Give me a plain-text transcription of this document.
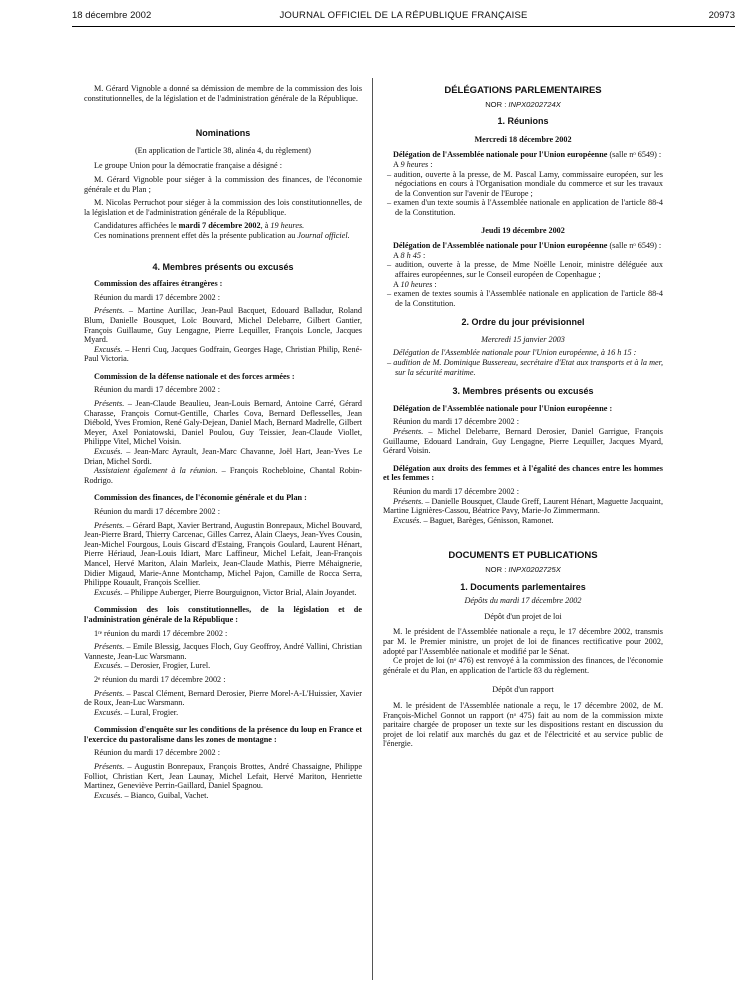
18 décembre 2002	JOURNAL OFFICIEL DE LA RÉPUBLIQUE FRANÇAISE	20973

M. Gérard Vignoble a donné sa démission de membre de la commission des lois constitutionnelles, de la législation et de l'administration générale de la République.

Nominations

(En application de l'article 38, alinéa 4, du règlement)

Le groupe Union pour la démocratie française a désigné :

M. Gérard Vignoble pour siéger à la commission des finances, de l'économie générale et du Plan ;

M. Nicolas Perruchot pour siéger à la commission des lois constitutionnelles, de la législation et de l'administration générale de la République.

Candidatures affichées le mardi 7 décembre 2002, à 19 heures.

Ces nominations prennent effet dès la présente publication au Journal officiel.

4. Membres présents ou excusés

Commission des affaires étrangères :

Réunion du mardi 17 décembre 2002 :

Présents. – Martine Aurillac, Jean-Paul Bacquet, Edouard Balladur, Roland Blum, Danielle Bousquet, Loïc Bouvard, Michel Delebarre, Gilbert Gantier, François Guillaume, Guy Lengagne, Pierre Lequiller, François Loncle, Jacques Myard.

Excusés. – Henri Cuq, Jacques Godfrain, Georges Hage, Christian Philip, René-Paul Victoria.

Commission de la défense nationale et des forces armées :

Réunion du mardi 17 décembre 2002 :

Présents. – Jean-Claude Beaulieu, Jean-Louis Bernard, Antoine Carré, Gérard Charasse, François Cornut-Gentille, Charles Cova, Bernard Deflesselles, Jean Diébold, Yves Fromion, René Galy-Dejean, Daniel Mach, Bernard Madrelle, Gilbert Meyer, Axel Poniatowski, Daniel Poulou, Guy Teissier, Jean-Claude Viollet, Philippe Vitel, Michel Voisin.

Excusés. – Jean-Marc Ayrault, Jean-Marc Chavanne, Joël Hart, Jean-Yves Le Drian, Michel Sordi.

Assistaient également à la réunion. – François Rochebloine, Chantal Robin-Rodrigo.

Commission des finances, de l'économie générale et du Plan :

Réunion du mardi 17 décembre 2002 :

Présents. – Gérard Bapt, Xavier Bertrand, Augustin Bonrepaux, Michel Bouvard, Jean-Pierre Brard, Thierry Carcenac, Gilles Carrez, Alain Claeys, Jean-Yves Cousin, Jean-Michel Fourgous, Louis Giscard d'Estaing, François Goulard, Laurent Hénart, Pierre Hériaud, Jean-Louis Idiart, Marc Laffineur, Michel Lefait, Jean-François Mancel, Hervé Mariton, Alain Marleix, Jean-Claude Mathis, Pierre Méhaignerie, Didier Migaud, Marie-Anne Montchamp, Michel Pajon, Camille de Rocca Serra, Philippe Rouault, François Scellier.

Excusés. – Philippe Auberger, Pierre Bourguignon, Victor Brial, Alain Joyandet.

Commission des lois constitutionnelles, de la législation et de l'administration générale de la République :

1ʳᵉ réunion du mardi 17 décembre 2002 :

Présents. – Emile Blessig, Jacques Floch, Guy Geoffroy, André Vallini, Christian Vanneste, Jean-Luc Warsmann.

Excusés. – Derosier, Frogier, Lurel.

2ᵉ réunion du mardi 17 décembre 2002 :

Présents. – Pascal Clément, Bernard Derosier, Pierre Morel-A-L'Huissier, Xavier de Roux, Jean-Luc Warsmann.

Excusés. – Lural, Frogier.

Commission d'enquête sur les conditions de la présence du loup en France et l'exercice du pastoralisme dans les zones de montagne :

Réunion du mardi 17 décembre 2002 :

Présents. – Augustin Bonrepaux, François Brottes, André Chassaigne, Philippe Folliot, Christian Kert, Jean Launay, Michel Lefait, Hervé Mariton, Henriette Martinez, Geneviève Perrin-Gaillard, Daniel Spagnou.

Excusés. – Bianco, Guibal, Vachet.

DÉLÉGATIONS PARLEMENTAIRES
NOR : INPX0202724X
1. Réunions
Mercredi 18 décembre 2002

Délégation de l'Assemblée nationale pour l'Union européenne (salle nᵒ 6549) :

A 9 heures :

– audition, ouverte à la presse, de M. Pascal Lamy, commissaire européen, sur les négociations en cours à l'Organisation mondiale du commerce et sur les travaux de la Convention sur l'avenir de l'Europe ;

– examen d'un texte soumis à l'Assemblée nationale en application de l'article 88-4 de la Constitution.

Jeudi 19 décembre 2002

Délégation de l'Assemblée nationale pour l'Union européenne (salle nᵒ 6549) :

A 8 h 45 :

– audition, ouverte à la presse, de Mme Noëlle Lenoir, ministre déléguée aux affaires européennes, sur le Conseil européen de Copenhague ;

A 10 heures :

– examen de textes soumis à l'Assemblée nationale en application de l'article 88-4 de la Constitution.

2. Ordre du jour prévisionnel

Mercredi 15 janvier 2003

Délégation de l'Assemblée nationale pour l'Union européenne, à 16 h 15 :

– audition de M. Dominique Bussereau, secrétaire d'Etat aux transports et à la mer, sur la sécurité maritime.

3. Membres présents ou excusés

Délégation de l'Assemblée nationale pour l'Union européenne :

Réunion du mardi 17 décembre 2002 :

Présents. – Michel Delebarre, Bernard Derosier, Daniel Garrigue, François Guillaume, Edouard Landrain, Guy Lengagne, Pierre Lequiller, Jacques Myard, Gérard Voisin.

Délégation aux droits des femmes et à l'égalité des chances entre les hommes et les femmes :

Réunion du mardi 17 décembre 2002 :

Présents. – Danielle Bousquet, Claude Greff, Laurent Hénart, Maguette Jacquaint, Martine Lignières-Cassou, Béatrice Pavy, Marie-Jo Zimmermann.

Excusés. – Baguet, Barèges, Génisson, Ramonet.

DOCUMENTS ET PUBLICATIONS
NOR : INPX0202725X
1. Documents parlementaires

Dépôts du mardi 17 décembre 2002

Dépôt d'un projet de loi

M. le président de l'Assemblée nationale a reçu, le 17 décembre 2002, transmis par M. le Premier ministre, un projet de loi de finances rectificative pour 2002, adopté par l'Assemblée nationale et modifié par le Sénat.

Ce projet de loi (nᵒ 476) est renvoyé à la commission des finances, de l'économie générale et du Plan, en application de l'article 83 du règlement.

Dépôt d'un rapport

M. le président de l'Assemblée nationale a reçu, le 17 décembre 2002, de M. François-Michel Gonnot un rapport (nᵒ 475) fait au nom de la commission mixte paritaire chargée de proposer un texte sur les dispositions restant en discussion du projet de loi relatif aux marchés du gaz et de l'électricité et au service public de l'énergie.
